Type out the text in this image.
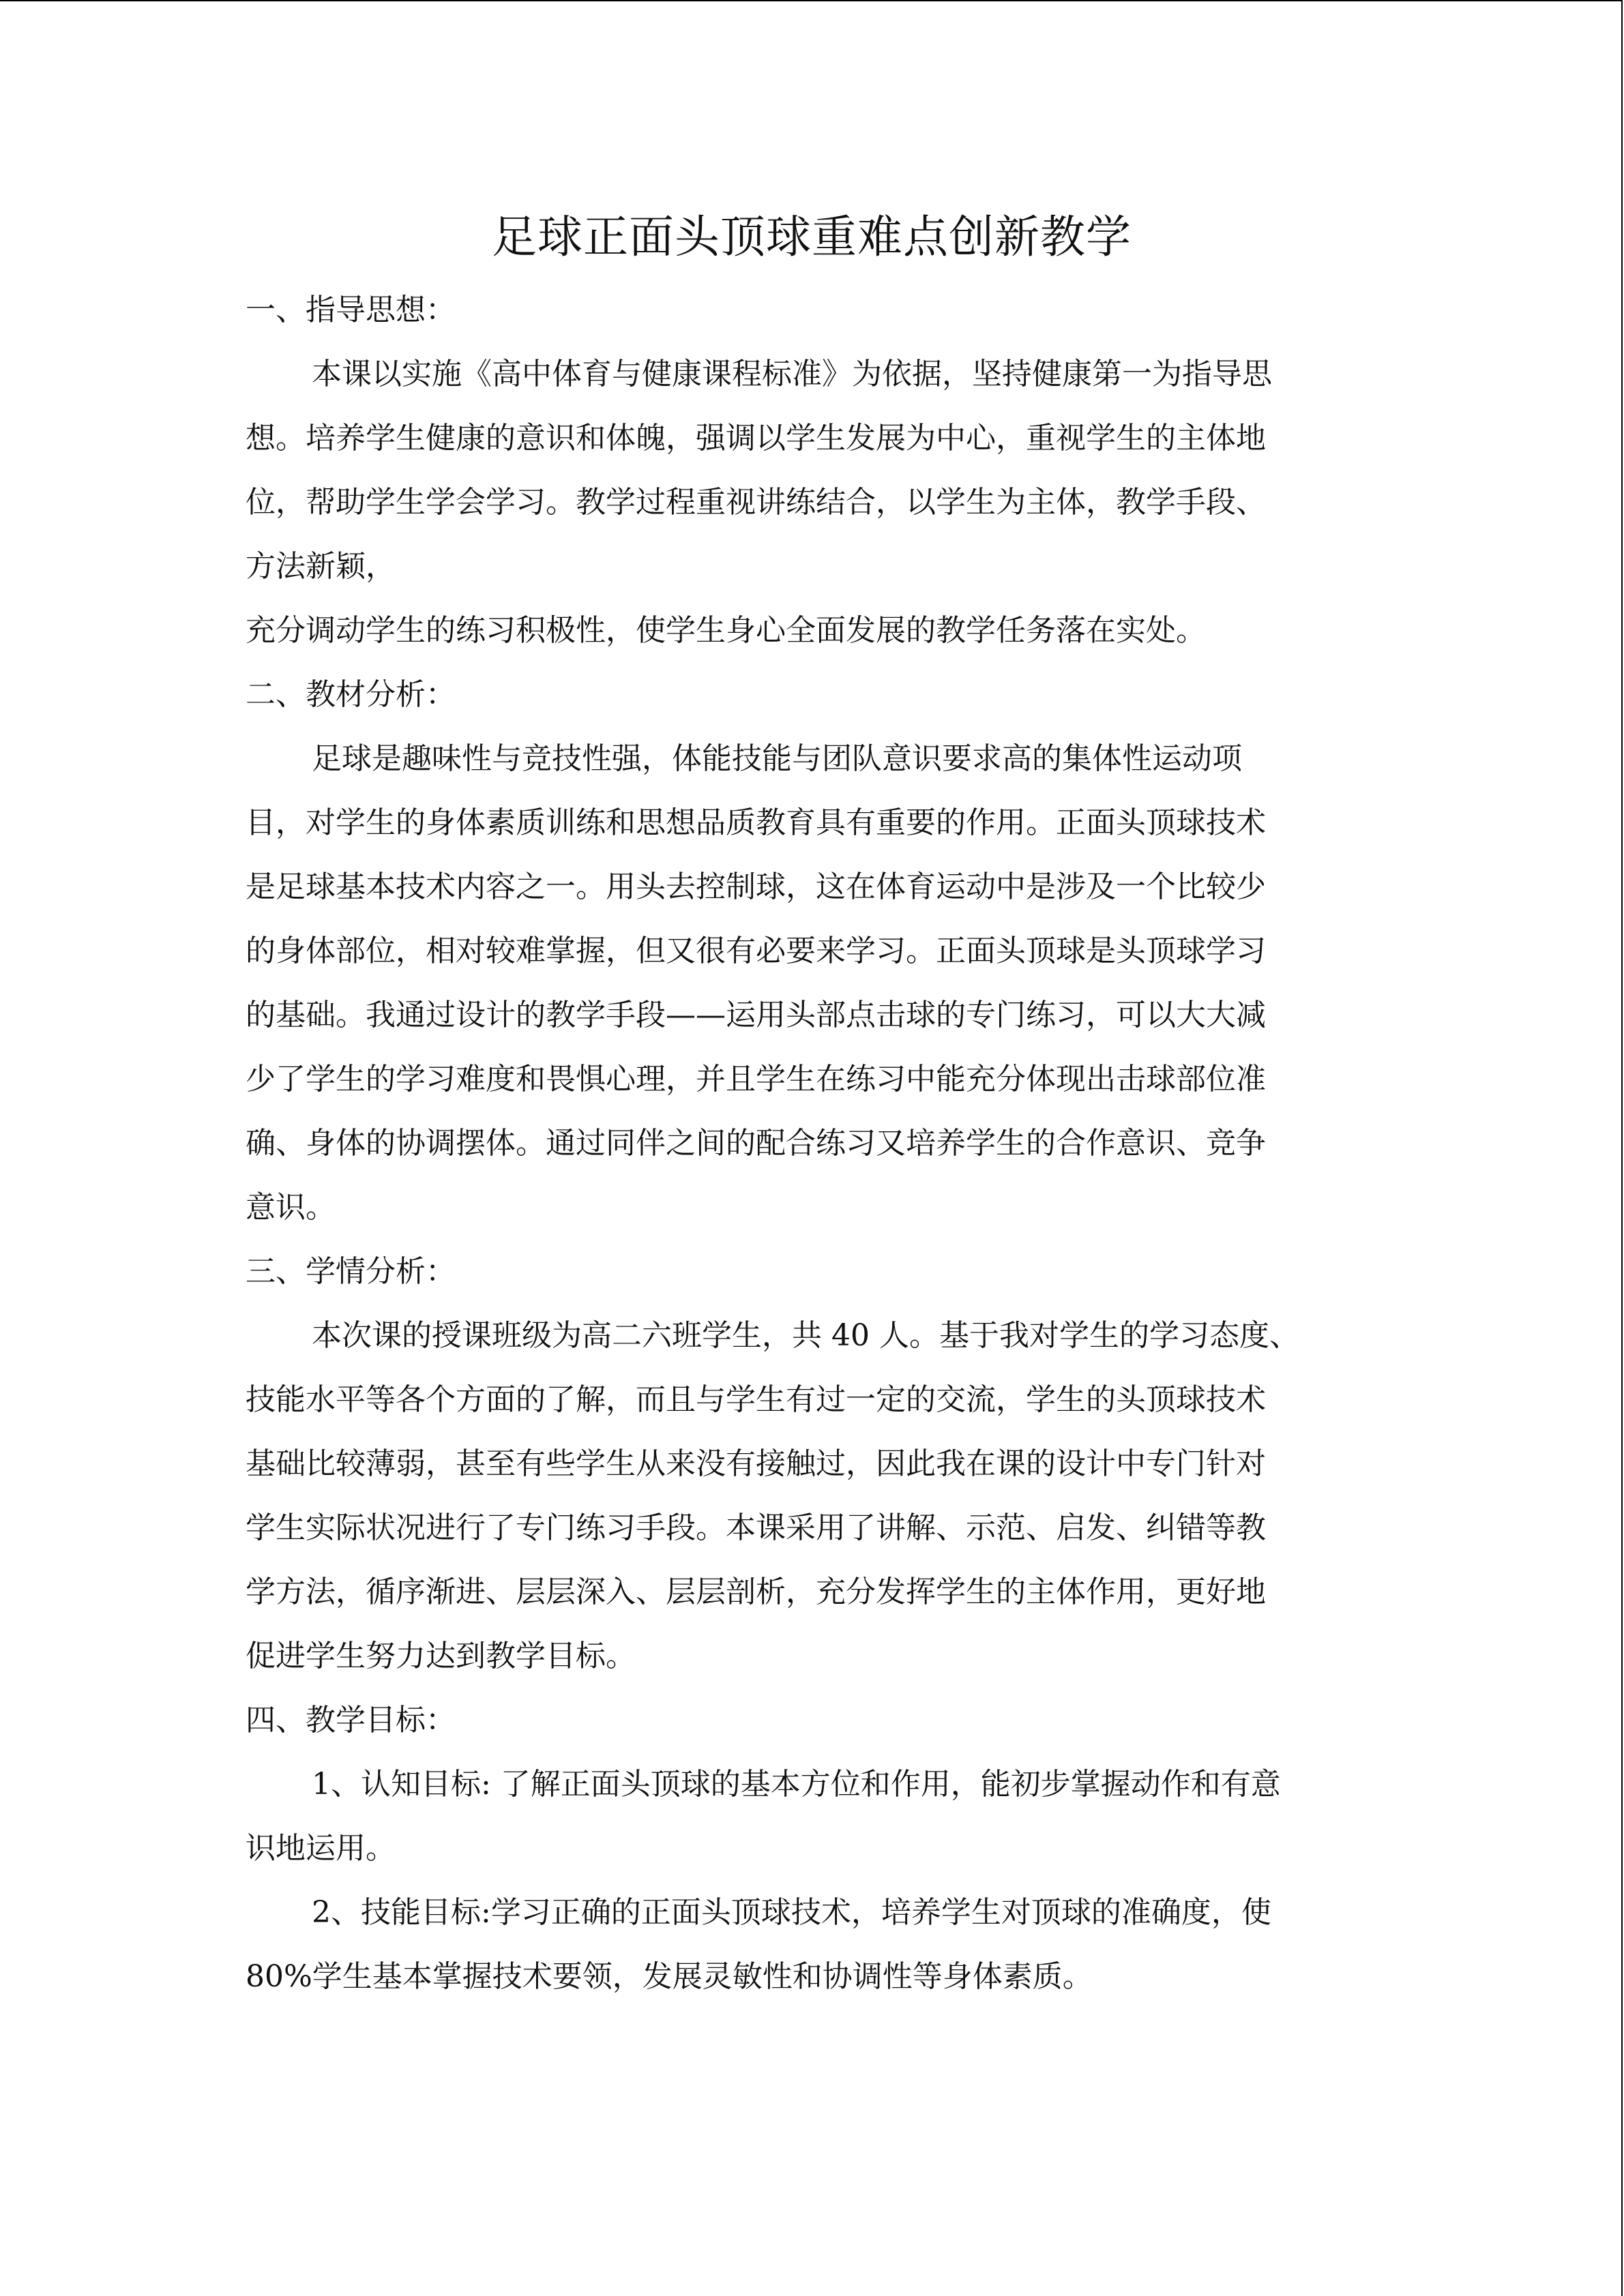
足球正面头顶球重难点创新教学
一、指导思想：
本课以实施《高中体育与健康课程标准》为依据，坚持健康第一为指导思
想。培养学生健康的意识和体魄，强调以学生发展为中心，重视学生的主体地
位，帮助学生学会学习。教学过程重视讲练结合，以学生为主体，教学手段、
方法新颖，
充分调动学生的练习积极性，使学生身心全面发展的教学任务落在实处。
二、教材分析：
足球是趣味性与竞技性强，体能技能与团队意识要求高的集体性运动项
目，对学生的身体素质训练和思想品质教育具有重要的作用。正面头顶球技术
是足球基本技术内容之一。用头去控制球，这在体育运动中是涉及一个比较少
的身体部位，相对较难掌握，但又很有必要来学习。正面头顶球是头顶球学习
的基础。我通过设计的教学手段——运用头部点击球的专门练习，可以大大减
少了学生的学习难度和畏惧心理，并且学生在练习中能充分体现出击球部位准
确、身体的协调摆体。通过同伴之间的配合练习又培养学生的合作意识、竞争
意识。
三、学情分析：
本次课的授课班级为高二六班学生，共 40 人。基于我对学生的学习态度、
技能水平等各个方面的了解，而且与学生有过一定的交流，学生的头顶球技术
基础比较薄弱，甚至有些学生从来没有接触过，因此我在课的设计中专门针对
学生实际状况进行了专门练习手段。本课采用了讲解、示范、启发、纠错等教
学方法，循序渐进、层层深入、层层剖析，充分发挥学生的主体作用，更好地
促进学生努力达到教学目标。
四、教学目标：
1、认知目标: 了解正面头顶球的基本方位和作用，能初步掌握动作和有意
识地运用。
2、技能目标:学习正确的正面头顶球技术，培养学生对顶球的准确度，使
80%学生基本掌握技术要领，发展灵敏性和协调性等身体素质。
